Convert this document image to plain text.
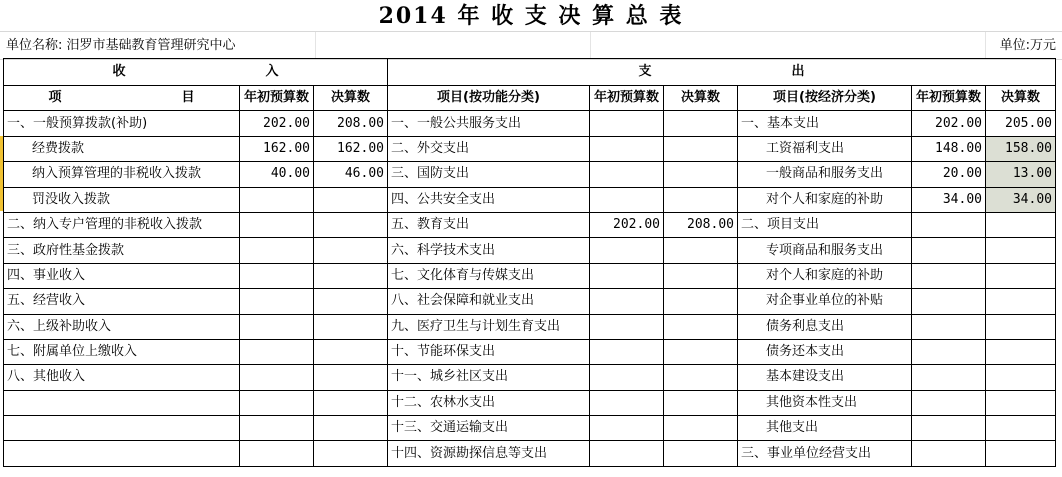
2014 年 收 支 决 算 总 表
单位名称: 汨罗市基础教育管理研究中心	单位:万元
收 入			支 出					
项 目	年初预算数	决算数	项目(按功能分类)	年初预算数	决算数	项目(按经济分类)	年初预算数	决算数
一、一般预算拨款(补助)	202.00	208.00	一、一般公共服务支出			一、基本支出	202.00	205.00
经费拨款	162.00	162.00	二、外交支出			工资福利支出	148.00	158.00
纳入预算管理的非税收入拨款	40.00	46.00	三、国防支出			一般商品和服务支出	20.00	13.00
罚没收入拨款			四、公共安全支出			对个人和家庭的补助	34.00	34.00
二、纳入专户管理的非税收入拨款			五、教育支出	202.00	208.00	二、项目支出		
三、政府性基金拨款			六、科学技术支出			专项商品和服务支出		
四、事业收入			七、文化体育与传媒支出			对个人和家庭的补助		
五、经营收入			八、社会保障和就业支出			对企事业单位的补贴		
六、上级补助收入			九、医疗卫生与计划生育支出			债务利息支出		
七、附属单位上缴收入			十、节能环保支出			债务还本支出		
八、其他收入			十一、城乡社区支出			基本建设支出		
			十二、农林水支出			其他资本性支出		
			十三、交通运输支出			其他支出		
			十四、资源勘探信息等支出			三、事业单位经营支出		
